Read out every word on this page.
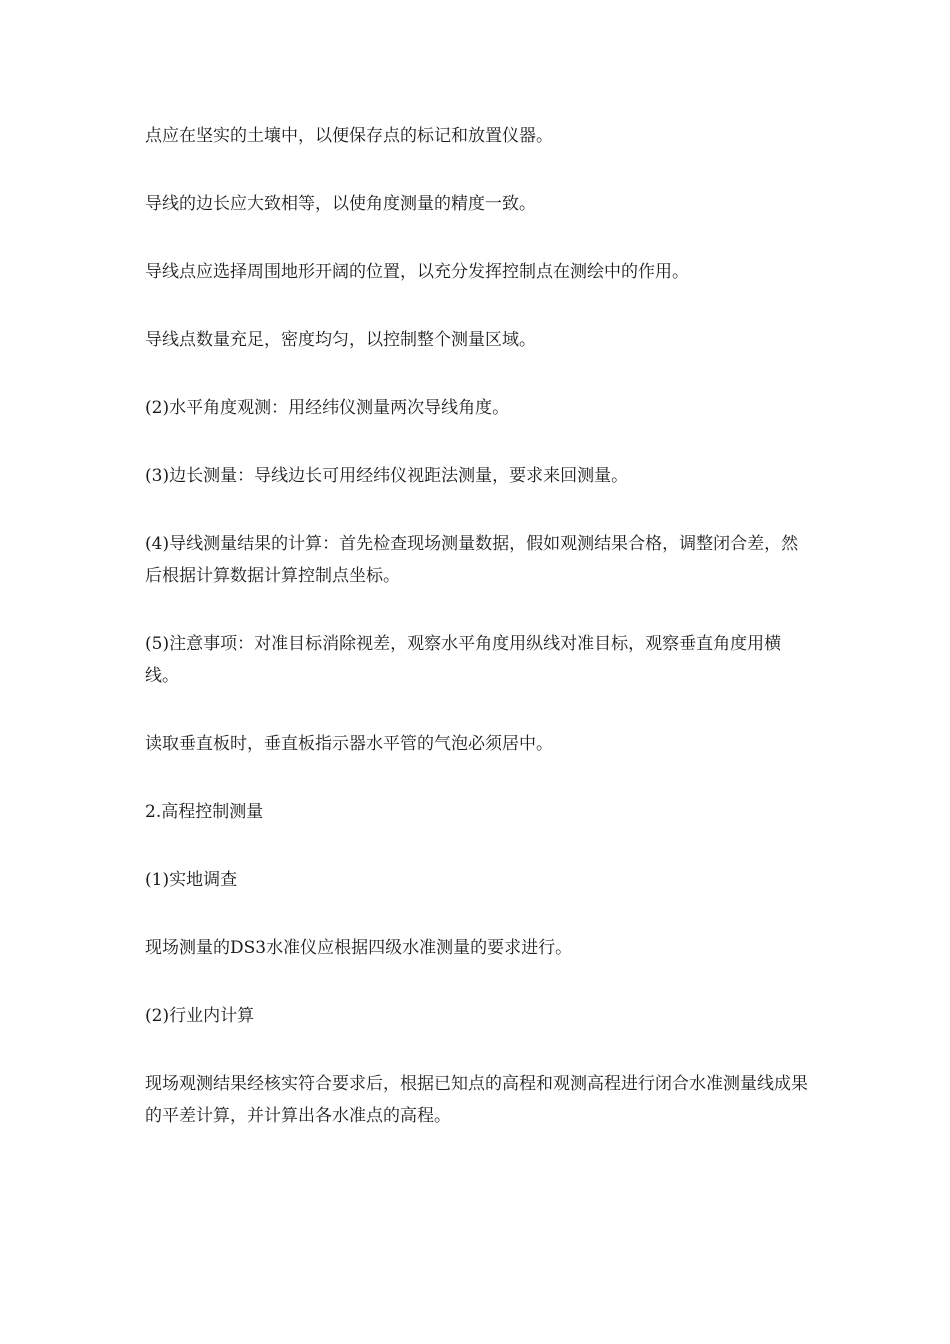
点应在坚实的土壤中，以便保存点的标记和放置仪器。

导线的边长应大致相等，以使角度测量的精度一致。

导线点应选择周围地形开阔的位置，以充分发挥控制点在测绘中的作用。

导线点数量充足，密度均匀，以控制整个测量区域。

(2)水平角度观测：用经纬仪测量两次导线角度。

(3)边长测量：导线边长可用经纬仪视距法测量，要求来回测量。

(4)导线测量结果的计算：首先检查现场测量数据，假如观测结果合格，调整闭合差，然后根据计算数据计算控制点坐标。

(5)注意事项：对准目标消除视差，观察水平角度用纵线对准目标，观察垂直角度用横线。

读取垂直板时，垂直板指示器水平管的气泡必须居中。

2.高程控制测量

(1)实地调查

现场测量的DS3水准仪应根据四级水准测量的要求进行。

(2)行业内计算

现场观测结果经核实符合要求后，根据已知点的高程和观测高程进行闭合水准测量线成果的平差计算，并计算出各水准点的高程。
